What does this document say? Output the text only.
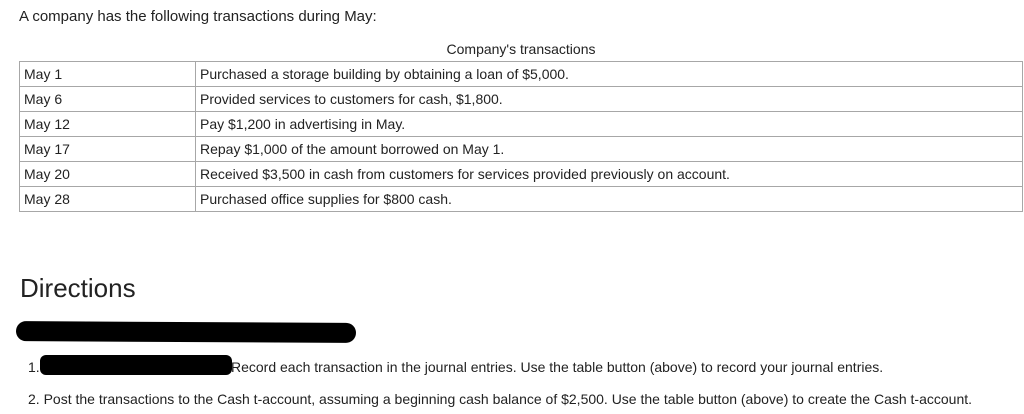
A company has the following transactions during May:
Company's transactions
May 1	Purchased a storage building by obtaining a loan of $5,000.
May 6	Provided services to customers for cash, $1,800.
May 12	Pay $1,200 in advertising in May.
May 17	Repay $1,000 of the amount borrowed on May 1.
May 20	Received $3,500 in cash from customers for services provided previously on account.
May 28	Purchased office supplies for $800 cash.
Directions
1.	Record each transaction in the journal entries. Use the table button (above) to record your journal entries.
2. Post the transactions to the Cash t-account, assuming a beginning cash balance of $2,500. Use the table button (above) to create the Cash t-account.
